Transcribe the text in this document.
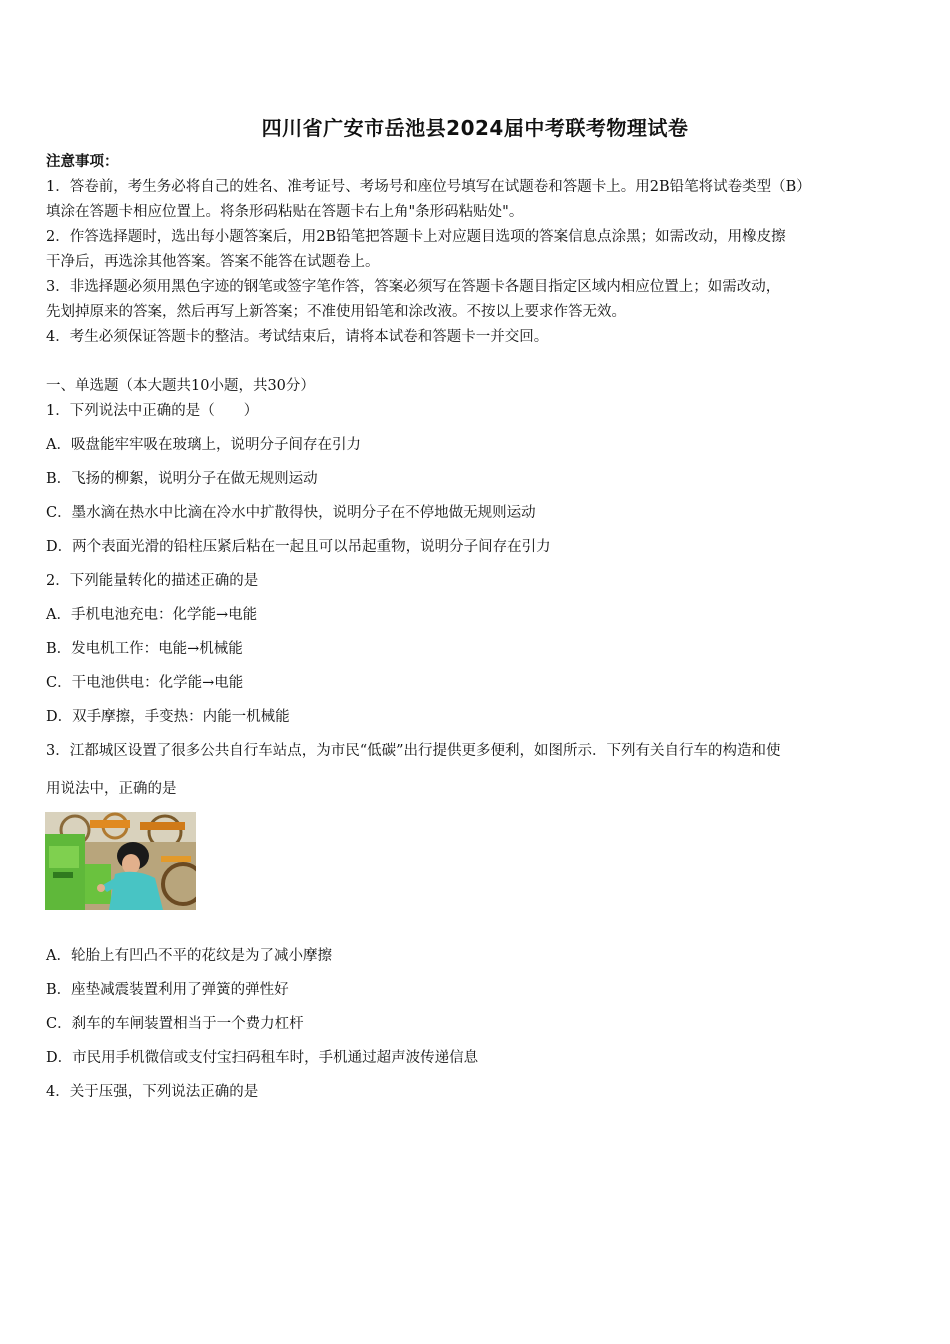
四川省广安市岳池县2024届中考联考物理试卷
注意事项：
1．答卷前，考生务必将自己的姓名、准考证号、考场号和座位号填写在试题卷和答题卡上。用2B铅笔将试卷类型（B）
填涂在答题卡相应位置上。将条形码粘贴在答题卡右上角"条形码粘贴处"。
2．作答选择题时，选出每小题答案后，用2B铅笔把答题卡上对应题目选项的答案信息点涂黑；如需改动，用橡皮擦
干净后，再选涂其他答案。答案不能答在试题卷上。
3．非选择题必须用黑色字迹的钢笔或签字笔作答，答案必须写在答题卡各题目指定区域内相应位置上；如需改动，
先划掉原来的答案，然后再写上新答案；不准使用铅笔和涂改液。不按以上要求作答无效。
4．考生必须保证答题卡的整洁。考试结束后，请将本试卷和答题卡一并交回。
一、单选题（本大题共10小题，共30分）
1．下列说法中正确的是（　　）
A．吸盘能牢牢吸在玻璃上，说明分子间存在引力
B．飞扬的柳絮，说明分子在做无规则运动
C．墨水滴在热水中比滴在冷水中扩散得快，说明分子在不停地做无规则运动
D．两个表面光滑的铅柱压紧后粘在一起且可以吊起重物，说明分子间存在引力
2．下列能量转化的描述正确的是
A．手机电池充电：化学能→电能
B．发电机工作：电能→机械能
C．干电池供电：化学能→电能
D．双手摩擦，手变热：内能一机械能
3．江都城区设置了很多公共自行车站点，为市民“低碳”出行提供更多便利，如图所示．下列有关自行车的构造和使
用说法中，正确的是
A．轮胎上有凹凸不平的花纹是为了减小摩擦
B．座垫减震装置利用了弹簧的弹性好
C．刹车的车闸装置相当于一个费力杠杆
D．市民用手机微信或支付宝扫码租车时，手机通过超声波传递信息
4．关于压强，下列说法正确的是
